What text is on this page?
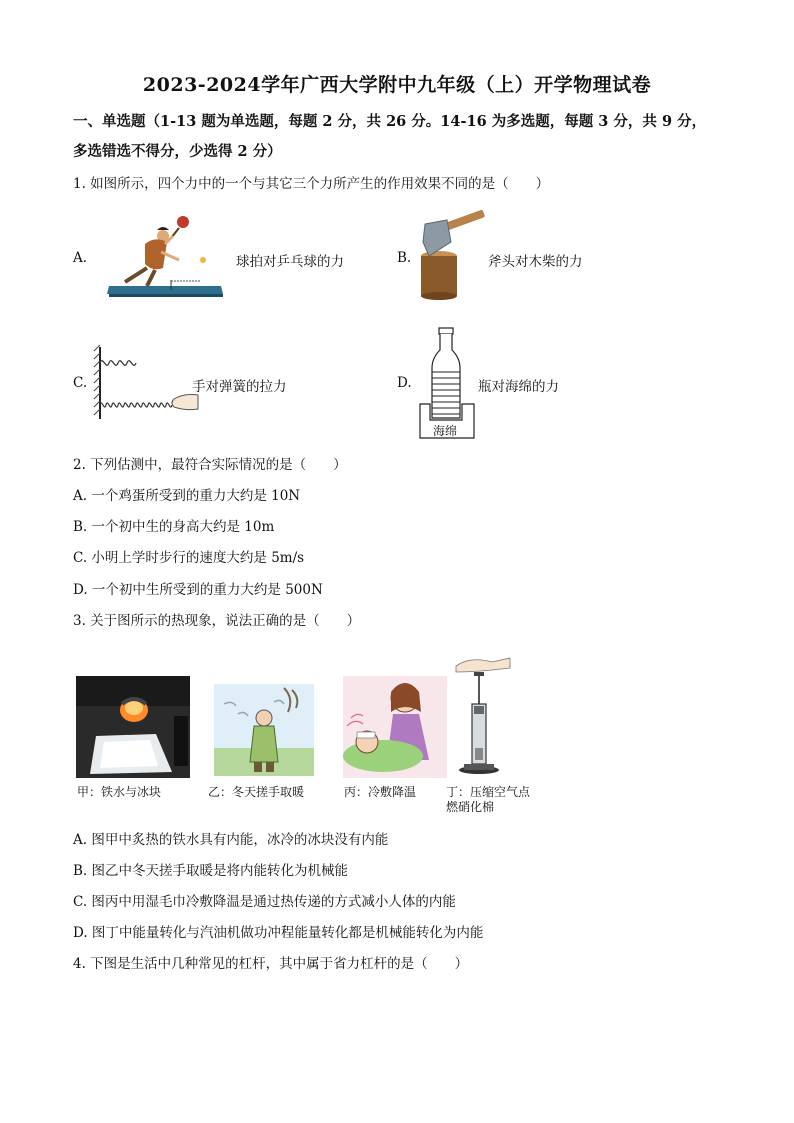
2023-2024学年广西大学附中九年级（上）开学物理试卷
一、单选题（1-13 题为单选题，每题 2 分，共 26 分。14-16 为多选题，每题 3 分，共 9 分，
多选错选不得分，少选得 2 分）
1. 如图所示，四个力中的一个与其它三个力所产生的作用效果不同的是（　　）
A.	球拍对乒乓球的力	B.	斧头对木柴的力
C.	手对弹簧的拉力	D.
海绵
瓶对海绵的力
2. 下列估测中，最符合实际情况的是（　　）
A. 一个鸡蛋所受到的重力大约是 10N
B. 一个初中生的身高大约是 10m
C. 小明上学时步行的速度大约是 5m/s
D. 一个初中生所受到的重力大约是 500N
3. 关于图所示的热现象，说法正确的是（　　）
甲：铁水与冰块	乙：冬天搓手取暖	丙：冷敷降温 丁：压缩空气点
燃硝化棉
A. 图甲中炙热的铁水具有内能，冰冷的冰块没有内能
B. 图乙中冬天搓手取暖是将内能转化为机械能
C. 图丙中用湿毛巾冷敷降温是通过热传递的方式减小人体的内能
D. 图丁中能量转化与汽油机做功冲程能量转化都是机械能转化为内能
4. 下图是生活中几种常见的杠杆，其中属于省力杠杆的是（　　）
